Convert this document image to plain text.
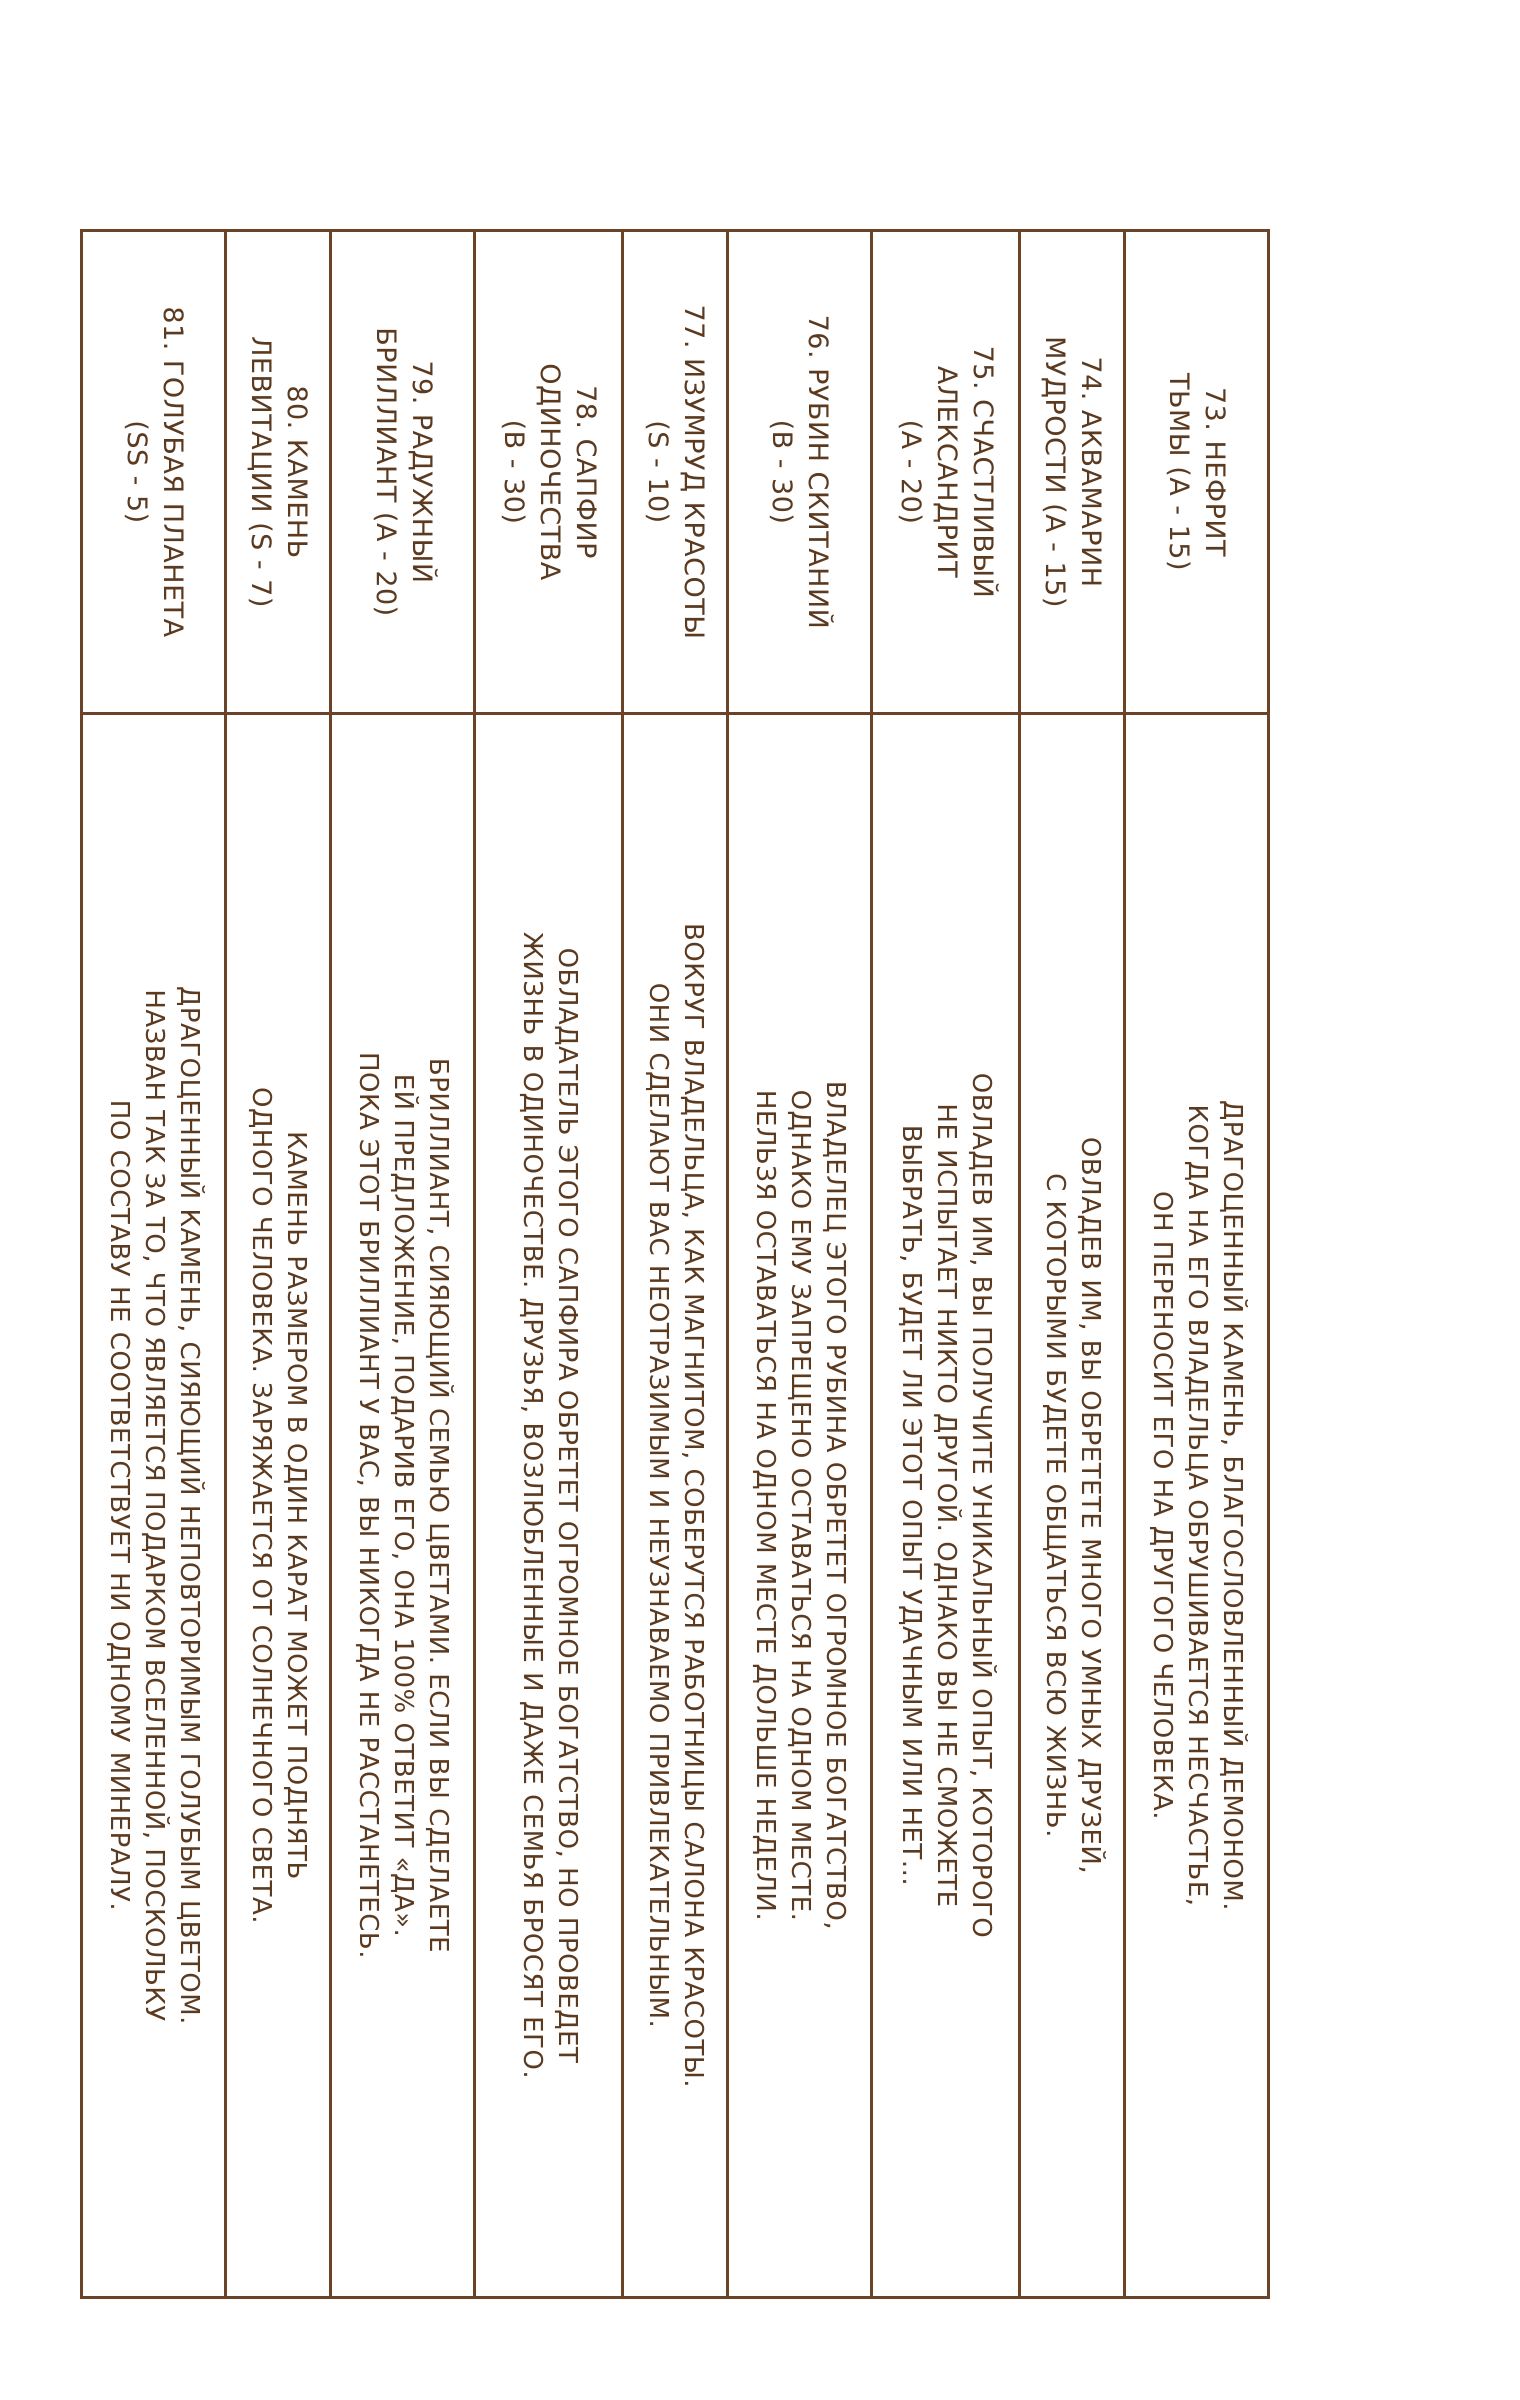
73. НЕФРИТ
ТЬМЫ (A - 15)	ДРАГОЦЕННЫЙ КАМЕНЬ, БЛАГОСЛОВЛЕННЫЙ ДЕМОНОМ.
КОГДА НА ЕГО ВЛАДЕЛЬЦА ОБРУШИВАЕТСЯ НЕСЧАСТЬЕ,
ОН ПЕРЕНОСИТ ЕГО НА ДРУГОГО ЧЕЛОВЕКА.

74. АКВАМАРИН
МУДРОСТИ (A - 15)	ОВЛАДЕВ ИМ, ВЫ ОБРЕТЕТЕ МНОГО УМНЫХ ДРУЗЕЙ,
С КОТОРЫМИ БУДЕТЕ ОБЩАТЬСЯ ВСЮ ЖИЗНЬ.

75. СЧАСТЛИВЫЙ
АЛЕКСАНДРИТ
(A - 20)	ОВЛАДЕВ ИМ, ВЫ ПОЛУЧИТЕ УНИКАЛЬНЫЙ ОПЫТ, КОТОРОГО
НЕ ИСПЫТАЕТ НИКТО ДРУГОЙ. ОДНАКО ВЫ НЕ СМОЖЕТЕ
ВЫБРАТЬ, БУДЕТ ЛИ ЭТОТ ОПЫТ УДАЧНЫМ ИЛИ НЕТ...

76. РУБИН СКИТАНИЙ
(B - 30)	ВЛАДЕЛЕЦ ЭТОГО РУБИНА ОБРЕТЕТ ОГРОМНОЕ БОГАТСТВО,
ОДНАКО ЕМУ ЗАПРЕЩЕНО ОСТАВАТЬСЯ НА ОДНОМ МЕСТЕ.
НЕЛЬЗЯ ОСТАВАТЬСЯ НА ОДНОМ МЕСТЕ ДОЛЬШЕ НЕДЕЛИ.

77. ИЗУМРУД КРАСОТЫ
(S - 10)	ВОКРУГ ВЛАДЕЛЬЦА, КАК МАГНИТОМ, СОБЕРУТСЯ РАБОТНИЦЫ САЛОНА КРАСОТЫ.
ОНИ СДЕЛАЮТ ВАС НЕОТРАЗИМЫМ И НЕУЗНАВАЕМО ПРИВЛЕКАТЕЛЬНЫМ.

78. САПФИР
ОДИНОЧЕСТВА
(B - 30)	ОБЛАДАТЕЛЬ ЭТОГО САПФИРА ОБРЕТЕТ ОГРОМНОЕ БОГАТСТВО, НО ПРОВЕДЕТ
ЖИЗНЬ В ОДИНОЧЕСТВЕ. ДРУЗЬЯ, ВОЗЛЮБЛЕННЫЕ И ДАЖЕ СЕМЬЯ БРОСЯТ ЕГО.

79. РАДУЖНЫЙ
БРИЛЛИАНТ (A - 20)	БРИЛЛИАНТ, СИЯЮЩИЙ СЕМЬЮ ЦВЕТАМИ. ЕСЛИ ВЫ СДЕЛАЕТЕ
ЕЙ ПРЕДЛОЖЕНИЕ, ПОДАРИВ ЕГО, ОНА 100% ОТВЕТИТ «ДА».
ПОКА ЭТОТ БРИЛЛИАНТ У ВАС, ВЫ НИКОГДА НЕ РАССТАНЕТЕСЬ.

80. КАМЕНЬ
ЛЕВИТАЦИИ (S - 7)	КАМЕНЬ РАЗМЕРОМ В ОДИН КАРАТ МОЖЕТ ПОДНЯТЬ
ОДНОГО ЧЕЛОВЕКА. ЗАРЯЖАЕТСЯ ОТ СОЛНЕЧНОГО СВЕТА.

81. ГОЛУБАЯ ПЛАНЕТА
(SS - 5)	ДРАГОЦЕННЫЙ КАМЕНЬ, СИЯЮЩИЙ НЕПОВТОРИМЫМ ГОЛУБЫМ ЦВЕТОМ.
НАЗВАН ТАК ЗА ТО, ЧТО ЯВЛЯЕТСЯ ПОДАРКОМ ВСЕЛЕННОЙ, ПОСКОЛЬКУ
ПО СОСТАВУ НЕ СООТВЕТСТВУЕТ НИ ОДНОМУ МИНЕРАЛУ.
